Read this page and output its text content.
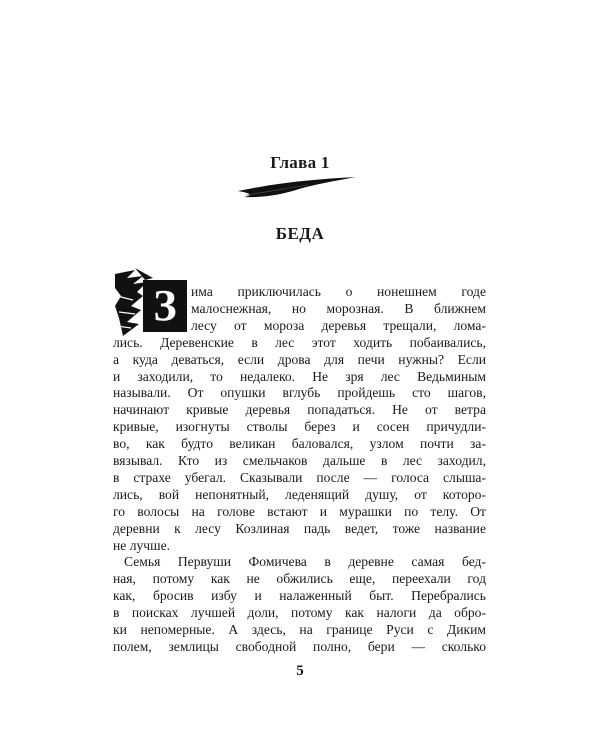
Глава 1
БЕДА
З	има приключилась о нонешнем годе
малоснежная, но морозная. В ближнем
лесу от мороза деревья трещали, лома-
лись. Деревенские в лес этот ходить побаивались,
а куда деваться, если дрова для печи нужны? Если
и заходили, то недалеко. Не зря лес Ведьминым
называли. От опушки вглубь пройдешь сто шагов,
начинают кривые деревья попадаться. Не от ветра
кривые, изогнуты стволы берез и сосен причудли-
во, как будто великан баловался, узлом почти за-
вязывал. Кто из смельчаков дальше в лес заходил,
в страхе убегал. Сказывали после — голоса слыша-
лись, вой непонятный, леденящий душу, от которо-
го волосы на голове встают и мурашки по телу. От
деревни к лесу Козлиная падь ведет, тоже название
не лучше.
Семья Первуши Фомичева в деревне самая бед-
ная, потому как не обжились еще, переехали год
как, бросив избу и налаженный быт. Перебрались
5
в поисках лучшей доли, потому как налоги да обро-
ки непомерные. А здесь, на границе Руси с Диким
полем, землицы свободной полно, бери — сколько
